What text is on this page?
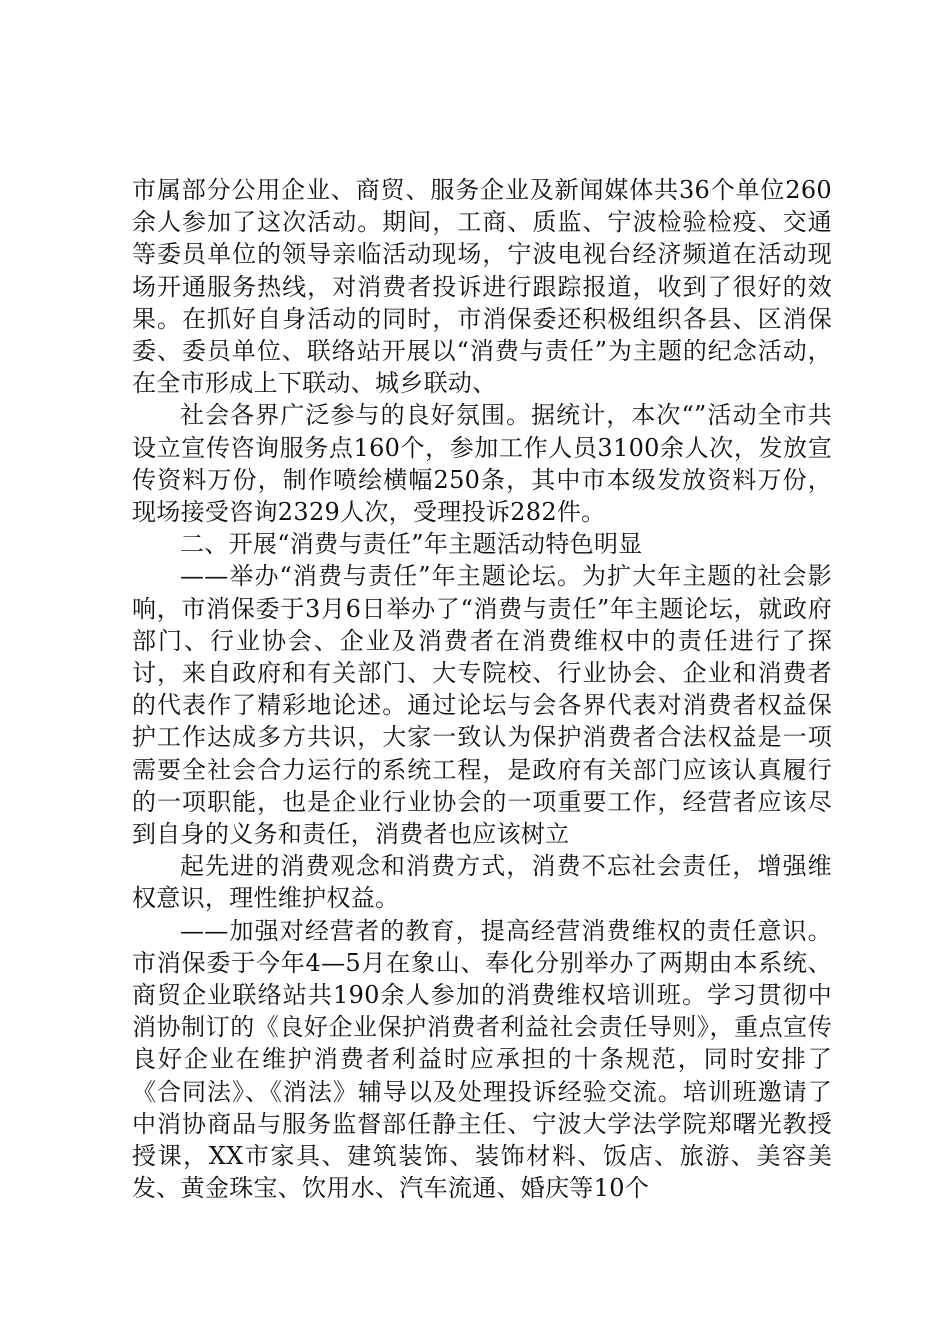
市属部分公用企业、商贸、服务企业及新闻媒体共36个单位260余人参加了这次活动。期间，工商、质监、宁波检验检疫、交通等委员单位的领导亲临活动现场，宁波电视台经济频道在活动现场开通服务热线，对消费者投诉进行跟踪报道，收到了很好的效果。在抓好自身活动的同时，市消保委还积极组织各县、区消保委、委员单位、联络站开展以“消费与责任”为主题的纪念活动，在全市形成上下联动、城乡联动、

社会各界广泛参与的良好氛围。据统计，本次“”活动全市共设立宣传咨询服务点160个，参加工作人员3100余人次，发放宣传资料万份，制作喷绘横幅250条，其中市本级发放资料万份，现场接受咨询2329人次，受理投诉282件。

二、开展“消费与责任”年主题活动特色明显

——举办“消费与责任”年主题论坛。为扩大年主题的社会影响，市消保委于3月6日举办了“消费与责任”年主题论坛，就政府部门、行业协会、企业及消费者在消费维权中的责任进行了探讨，来自政府和有关部门、大专院校、行业协会、企业和消费者的代表作了精彩地论述。通过论坛与会各界代表对消费者权益保护工作达成多方共识，大家一致认为保护消费者合法权益是一项需要全社会合力运行的系统工程，是政府有关部门应该认真履行的一项职能，也是企业行业协会的一项重要工作，经营者应该尽到自身的义务和责任，消费者也应该树立

起先进的消费观念和消费方式，消费不忘社会责任，增强维权意识，理性维护权益。

——加强对经营者的教育，提高经营消费维权的责任意识。市消保委于今年4—5月在象山、奉化分别举办了两期由本系统、商贸企业联络站共190余人参加的消费维权培训班。学习贯彻中消协制订的《良好企业保护消费者利益社会责任导则》，重点宣传良好企业在维护消费者利益时应承担的十条规范，同时安排了《合同法》、《消法》辅导以及处理投诉经验交流。培训班邀请了中消协商品与服务监督部任静主任、宁波大学法学院郑曙光教授授课，XX市家具、建筑装饰、装饰材料、饭店、旅游、美容美发、黄金珠宝、饮用水、汽车流通、婚庆等10个
